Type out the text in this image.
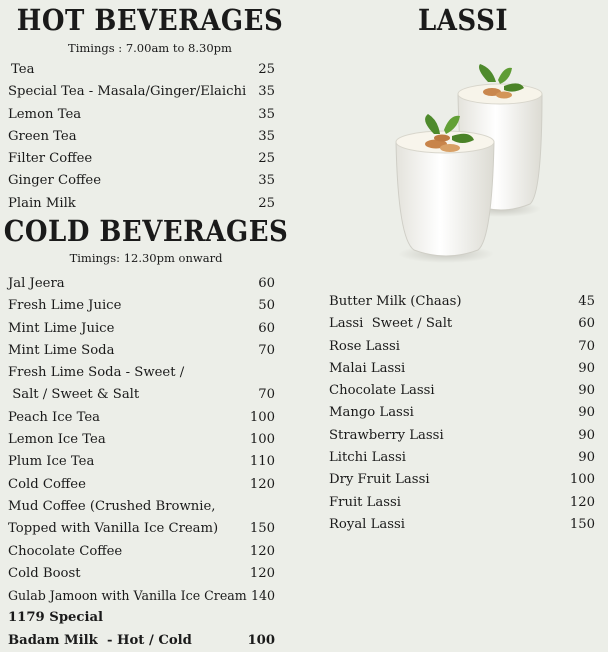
HOT BEVERAGES

Timings : 7.00am to 8.30pm

Tea	25
Special Tea - Masala/Ginger/Elaichi 35
Lemon Tea	35
Green Tea	35
Filter Coffee	25
Ginger Coffee	35
Plain Milk	25
COLD BEVERAGES

Timings: 12.30pm onward

Jal Jeera	60
Fresh Lime Juice	50
Mint Lime Juice	60
Mint Lime Soda	70
Fresh Lime Soda - Sweet /
Salt / Sweet & Salt	70
Peach Ice Tea	100
Lemon Ice Tea	100
Plum Ice Tea	110
Cold Coffee	120
Mud Coffee (Crushed Brownie,
Topped with Vanilla Ice Cream) 150
Chocolate Coffee	120
Cold Boost	120
Gulab Jamoon with Vanilla Ice Cream 140
1179 Special
Badam Milk  - Hot / Cold	100
LASSI
Butter Milk (Chaas)	45
Lassi  Sweet / Salt	60
Rose Lassi	70
Malai Lassi	90
Chocolate Lassi	90
Mango Lassi	90
Strawberry Lassi	90
Litchi Lassi	90
Dry Fruit Lassi	100
Fruit Lassi	120
Royal Lassi	150
